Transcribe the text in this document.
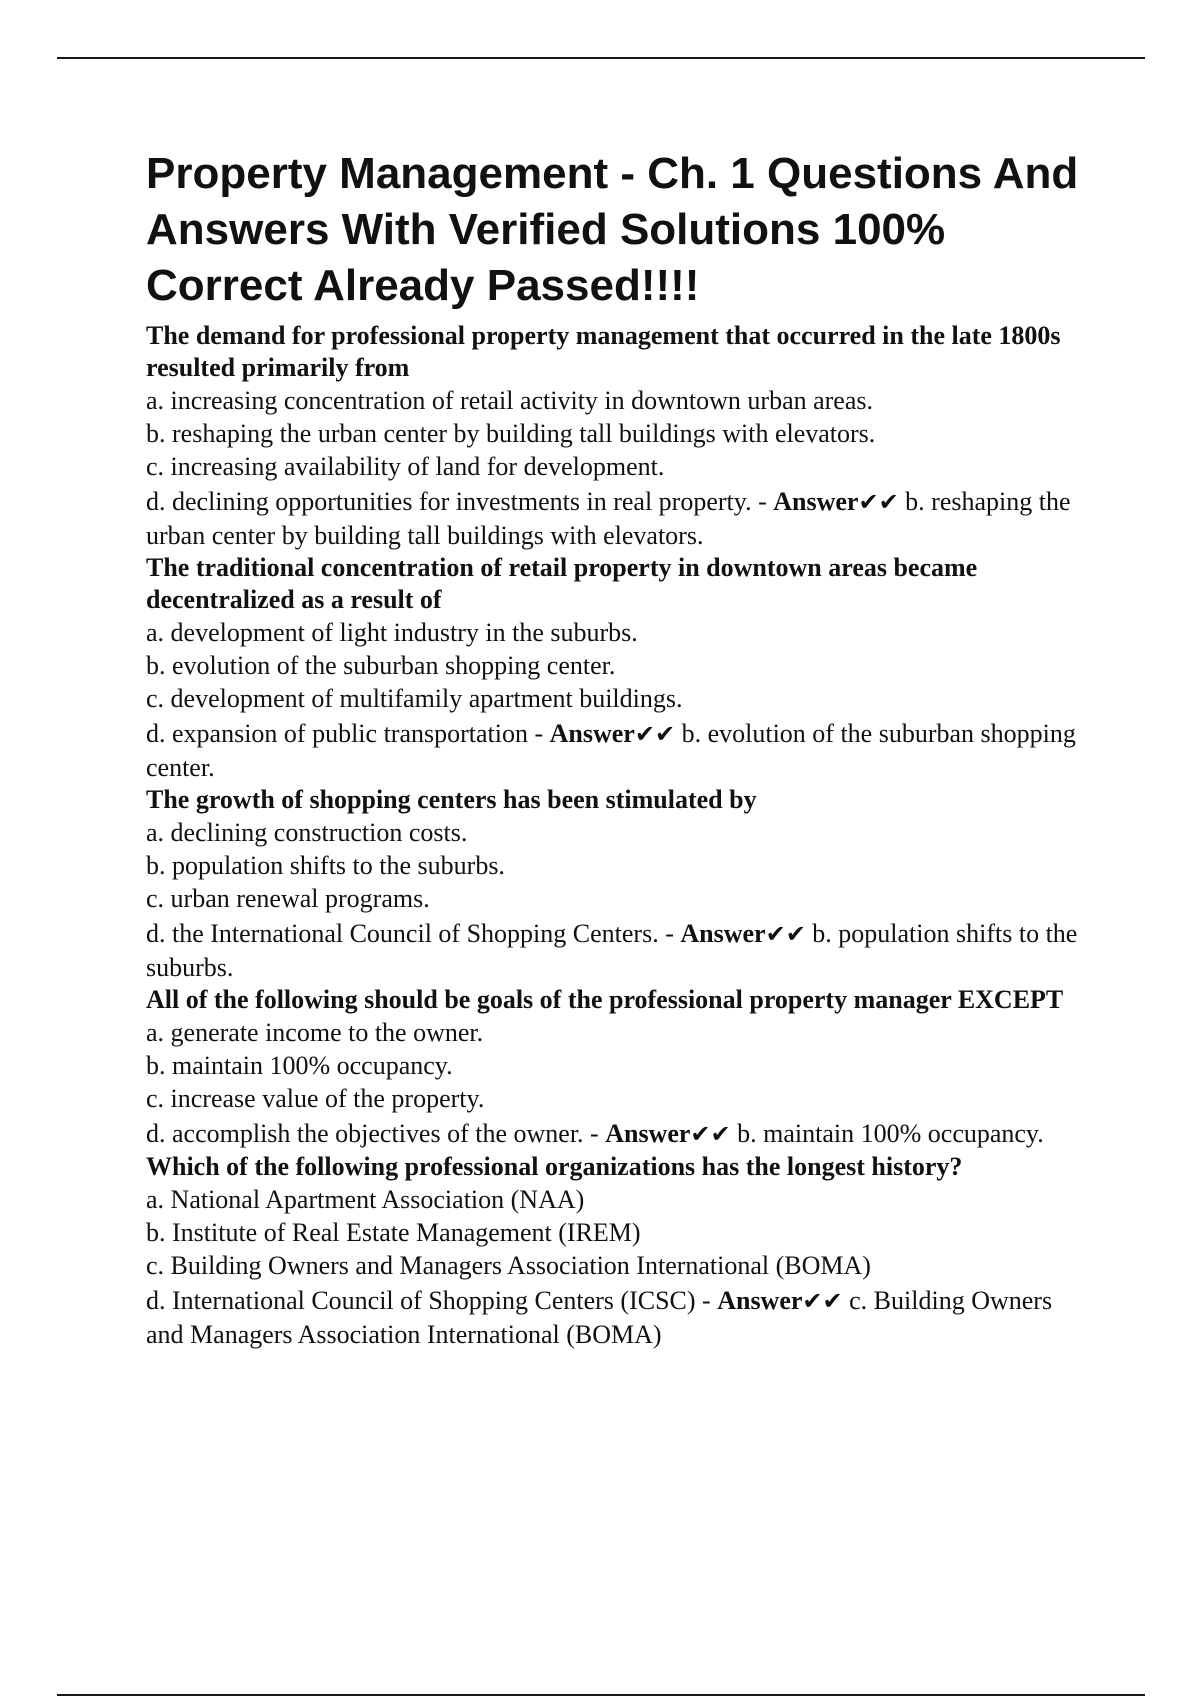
Property Management - Ch. 1 Questions And Answers With Verified Solutions 100% Correct Already Passed!!!!

The demand for professional property management that occurred in the late 1800s resulted primarily from

a. increasing concentration of retail activity in downtown urban areas.

b. reshaping the urban center by building tall buildings with elevators.

c. increasing availability of land for development.

d. declining opportunities for investments in real property. - Answer✔✔ b. reshaping the urban center by building tall buildings with elevators.

The traditional concentration of retail property in downtown areas became decentralized as a result of

a. development of light industry in the suburbs.

b. evolution of the suburban shopping center.

c. development of multifamily apartment buildings.

d. expansion of public transportation - Answer✔✔ b. evolution of the suburban shopping center.

The growth of shopping centers has been stimulated by

a. declining construction costs.

b. population shifts to the suburbs.

c. urban renewal programs.

d. the International Council of Shopping Centers. - Answer✔✔ b. population shifts to the suburbs.

All of the following should be goals of the professional property manager EXCEPT

a. generate income to the owner.

b. maintain 100% occupancy.

c. increase value of the property.

d. accomplish the objectives of the owner. - Answer✔✔ b. maintain 100% occupancy.

Which of the following professional organizations has the longest history?

a. National Apartment Association (NAA)

b. Institute of Real Estate Management (IREM)

c. Building Owners and Managers Association International (BOMA)

d. International Council of Shopping Centers (ICSC) - Answer✔✔ c. Building Owners and Managers Association International (BOMA)
